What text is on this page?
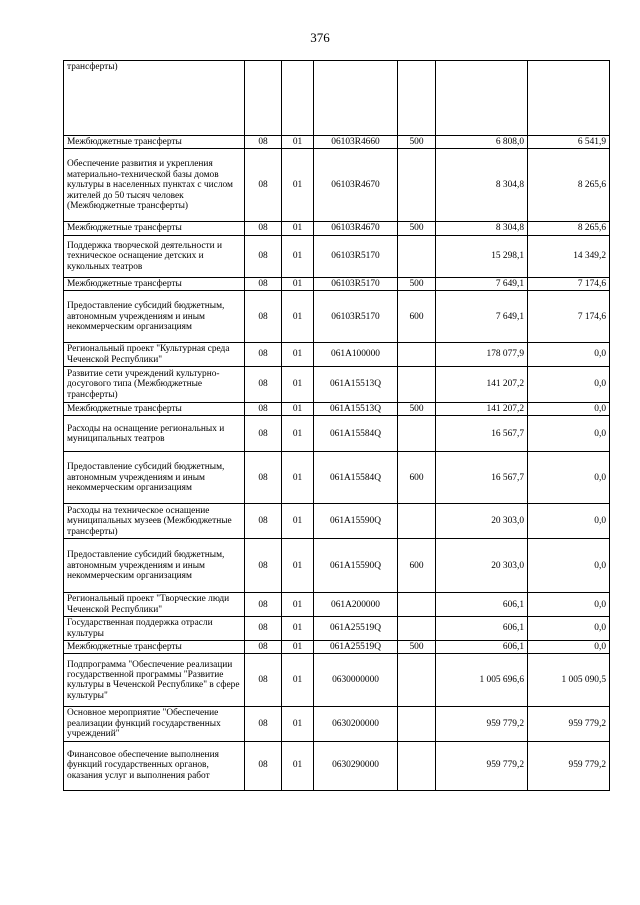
376
трансферты)						
Межбюджетные трансферты	08	01	06103R4660	500	6 808,0	6 541,9
Обеспечение развития и укрепления материально-технической базы домов культуры в населенных пунктах с числом жителей до 50 тысяч человек (Межбюджетные трансферты)	08	01	06103R4670		8 304,8	8 265,6
Межбюджетные трансферты	08	01	06103R4670	500	8 304,8	8 265,6
Поддержка творческой деятельности и техническое оснащение детских и кукольных театров	08	01	06103R5170		15 298,1	14 349,2
Межбюджетные трансферты	08	01	06103R5170	500	7 649,1	7 174,6
Предоставление субсидий бюджетным, автономным учреждениям и иным некоммерческим организациям	08	01	06103R5170	600	7 649,1	7 174,6
Региональный проект "Культурная среда Чеченской Республики"	08	01	061A100000		178 077,9	0,0
Развитие сети учреждений культурно-досугового типа (Межбюджетные трансферты)	08	01	061A15513Q		141 207,2	0,0
Межбюджетные трансферты	08	01	061A15513Q	500	141 207,2	0,0
Расходы на оснащение региональных и муниципальных театров	08	01	061A15584Q		16 567,7	0,0
Предоставление субсидий бюджетным, автономным учреждениям и иным некоммерческим организациям	08	01	061A15584Q	600	16 567,7	0,0
Расходы на техническое оснащение муниципальных музеев (Межбюджетные трансферты)	08	01	061A15590Q		20 303,0	0,0
Предоставление субсидий бюджетным, автономным учреждениям и иным некоммерческим организациям	08	01	061A15590Q	600	20 303,0	0,0
Региональный проект "Творческие люди Чеченской Республики"	08	01	061A200000		606,1	0,0
Государственная поддержка отрасли культуры	08	01	061A25519Q		606,1	0,0
Межбюджетные трансферты	08	01	061A25519Q	500	606,1	0,0
Подпрограмма "Обеспечение реализации государственной программы "Развитие культуры в Чеченской Республике" в сфере культуры"	08	01	0630000000		1 005 696,6	1 005 090,5
Основное мероприятие "Обеспечение реализации функций государственных учреждений"	08	01	0630200000		959 779,2	959 779,2
Финансовое обеспечение выполнения функций государственных органов, оказания услуг и выполнения работ	08	01	0630290000		959 779,2	959 779,2
